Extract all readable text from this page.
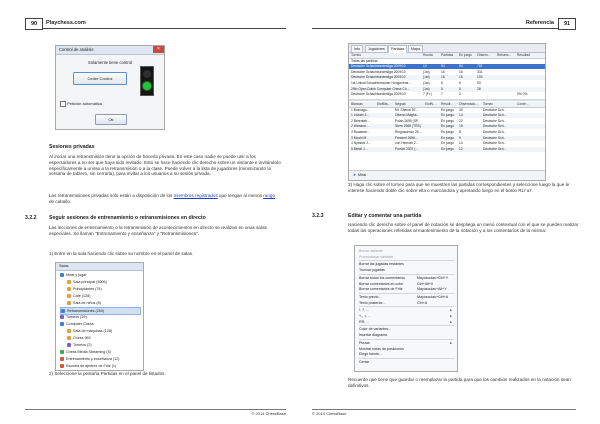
90	Playchess.com
Control de análisis	×
Solamente tiene control
Ceder Control
Petición automática
Ok
Sesiones privadas
Al iniciar una retransmisión tiene la opción de hacerla privada. En este caso nadie se puede unir a los espectadores a no ser que haya sido invitado. Esto se hace haciendo clic derecho sobre un visitante e invitándolo específicamente a unirse a la retransmisión o a la clase. Puede volver a la lista de jugadores (minimizando la ventana de tablero, sin cerrarla), para invitar a los usuarios a su sesión privada.
Las retransmisiones privadas sólo están a disposición de los miembros registrados que tengan al menos rango de caballo.
3.2.2 Seguir sesiones de entrenamiento o retransmisiones en directo
Las lecciones de entrenamiento o la retransmisión de acontecimientos en directo se realizan en unas salas especiales. Se llaman "Entrenamiento y enseñanza" y "Retransmisiones".
1) Entre en la sala haciendo clic sobre su nombre en el panel de salas.
Salas
Mirar y jugar
Sala principal (3006)
Principiantes (74)
Café (128)
Sala de niños (8)
Retransmisiones (253)
Torneos (29)
Computer Chess
Sala de máquinas (128)
Chess 960
Torneos (2)
Chess Media Streaming (5)
Entrenamiento y enseñanza (12)
Escuela de ajedrez de Fritz (1)
2) Seleccione la pestaña Partidas en el panel de listados.
© 2014 ChessBase
Referencia	91
Info	Jugadores	Partidas	Mapa
Torneo	Ronda	Partidas	En juego	Observ...	Retrans...	Resultad
Todas las partidas
Deutsche Schachbundesliga 2009/10	10	54	54	701
Deutsche Schachbundesliga 2009/10	(1st)	16	16	331
Deutsche Schachbundesliga 2009/10	(1st)	16	16	103
1st Unival Schachbreauner Hoogovens...	(1st)	6	6	93
29th Open Dutch Computer Chess Ch...	(1st)	5	5	28
Deutsche Schachbundesliga 2009/10	7 (Fr.)	7	2	0% 0%
Blancas	ElofBla...	Negras	ElofN...	Result...	Observado...	Torneo	Conte...
1 Bukvago...	Mr. Shenai 2E...	En juego	30	Deutsche Sch...
1 Liutain Z...	Olsenn Magha...	En juego	14	Deutsche Sch...
2 Berenteb...	Polan 2695 (SP...	En juego	22	Deutsche Sch...
2 Wimand...	Stern 2565 (TRS)	En juego	18	Deutsche Sch...
3 Roaamer...	Ringossenco 25...	En juego	8	Deutsche Sch...
3 Moshi M...	Fresinel 2656...	En juego	9	Deutsche Sch...
4 Nybsick J...	von Herman 2...	En juego	14	Deutsche Sch...
5 Bimdt J...	Prusch 2537 (...	En juego	12	Deutsche Sch...
► Mirar
3) Haga clic sobre el torneo para que se muestren las partidas correspondientes y seleccione luego la que le interese haciendo doble clic sobre ella o marcándola y apretando luego en el botón Mirar.
3.2.3	Editar y comentar una partida
Haciendo clic derecho sobre el panel de notación se despliega un menú contextual con el que se pueden realizar todas las operaciones referidas al mantenimiento de la notación y a los comentarios de la misma:
Borrar variante
Promocionar variante
Borrar las jugadas restantes
Truncar jugadas
Borrar todos los comentarios	Mayúsculas+Ctrl+Y
Borrar comentarios en color	Ctrl+Alt+0
Borrar comentarios de Fritz	Mayúsculas+Alt+Y
Texto previo...	Mayúsculas+Ctrl+A
Texto posterior...	Ctrl+A
!, ?, ...	▸
+-, =, ...	▸
RR, ...	▸
Color de variantes...
Insertar diagrama
Piezas	▸
Mostrar notas de posiciones
Elegir fuente...
Cerrar
Recuerde que tiene que guardar o reemplazar la partida para que los cambios realizados en la notación sean definitivos.
© 2014 ChessBase
